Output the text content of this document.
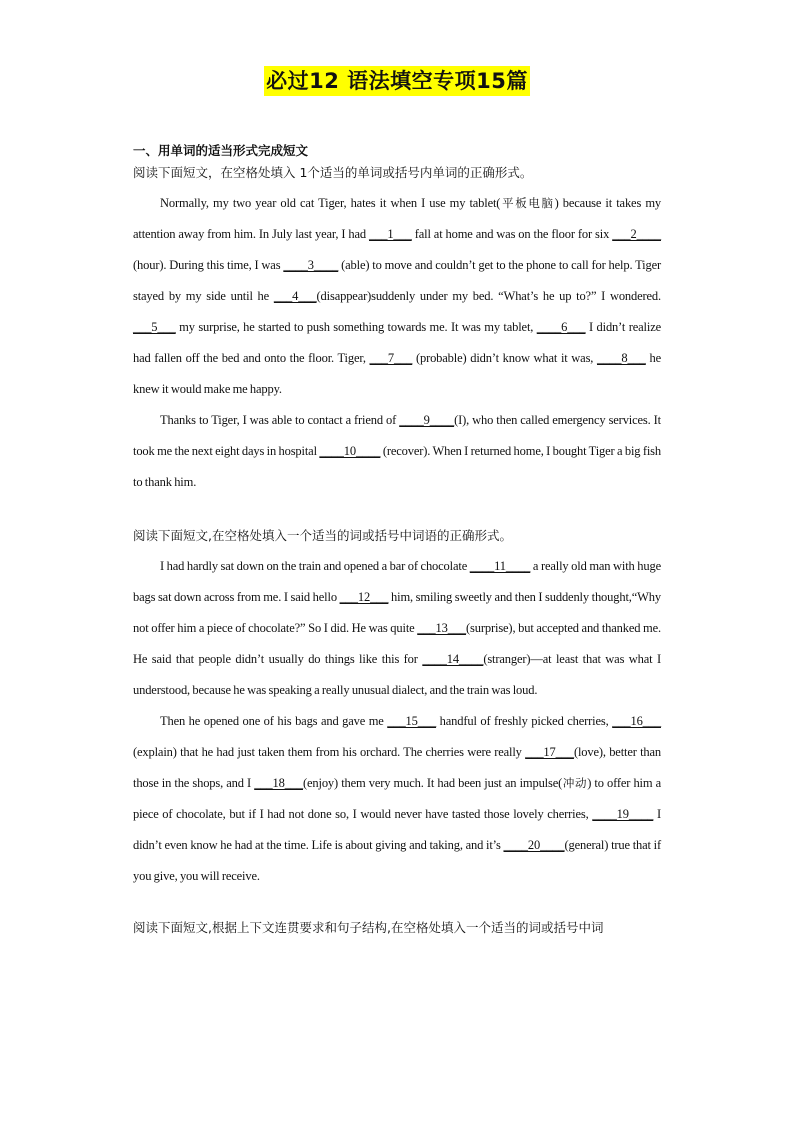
必过12 语法填空专项15篇
一、用单词的适当形式完成短文
阅读下面短文，在空格处填入 1个适当的单词或括号内单词的正确形式。

Normally, my two year old cat Tiger, hates it when I use my tablet(平板电脑) because it takes my attention away from him. In July last year, I had ___1___ fall at home and was on the floor for six ___2____ (hour). During this time, I was ____3____ (able) to move and couldn’t get to the phone to call for help. Tiger stayed by my side until he ___4___(disappear)suddenly under my bed. “What’s he up to?” I wondered. ___5___ my surprise, he started to push something towards me. It was my tablet, ____6___ I didn’t realize had fallen off the bed and onto the floor. Tiger, ___7___ (probable) didn’t know what it was, ____8___ he knew it would make me happy.

Thanks to Tiger, I was able to contact a friend of ____9____(I), who then called emergency services. It took me the next eight days in hospital ____10____ (recover). When I returned home, I bought Tiger a big fish to thank him.

阅读下面短文,在空格处填入一个适当的词或括号中词语的正确形式。

I had hardly sat down on the train and opened a bar of chocolate ____11____ a really old man with huge bags sat down across from me. I said hello ___12___ him, smiling sweetly and then I suddenly thought,“Why not offer him a piece of chocolate?” So I did. He was quite ___13___(surprise), but accepted and thanked me. He said that people didn’t usually do things like this for ____14____(stranger)—at least that was what I understood, because he was speaking a really unusual dialect, and the train was loud.

Then he opened one of his bags and gave me ___15___ handful of freshly picked cherries, ___16___ (explain) that he had just taken them from his orchard. The cherries were really ___17___(love), better than those in the shops, and I ___18___(enjoy) them very much. It had been just an impulse(冲动) to offer him a piece of chocolate, but if I had not done so, I would never have tasted those lovely cherries, ____19____ I didn’t even know he had at the time. Life is about giving and taking, and it’s ____20____(general) true that if you give, you will receive.

阅读下面短文,根据上下文连贯要求和句子结构,在空格处填入一个适当的词或括号中词
